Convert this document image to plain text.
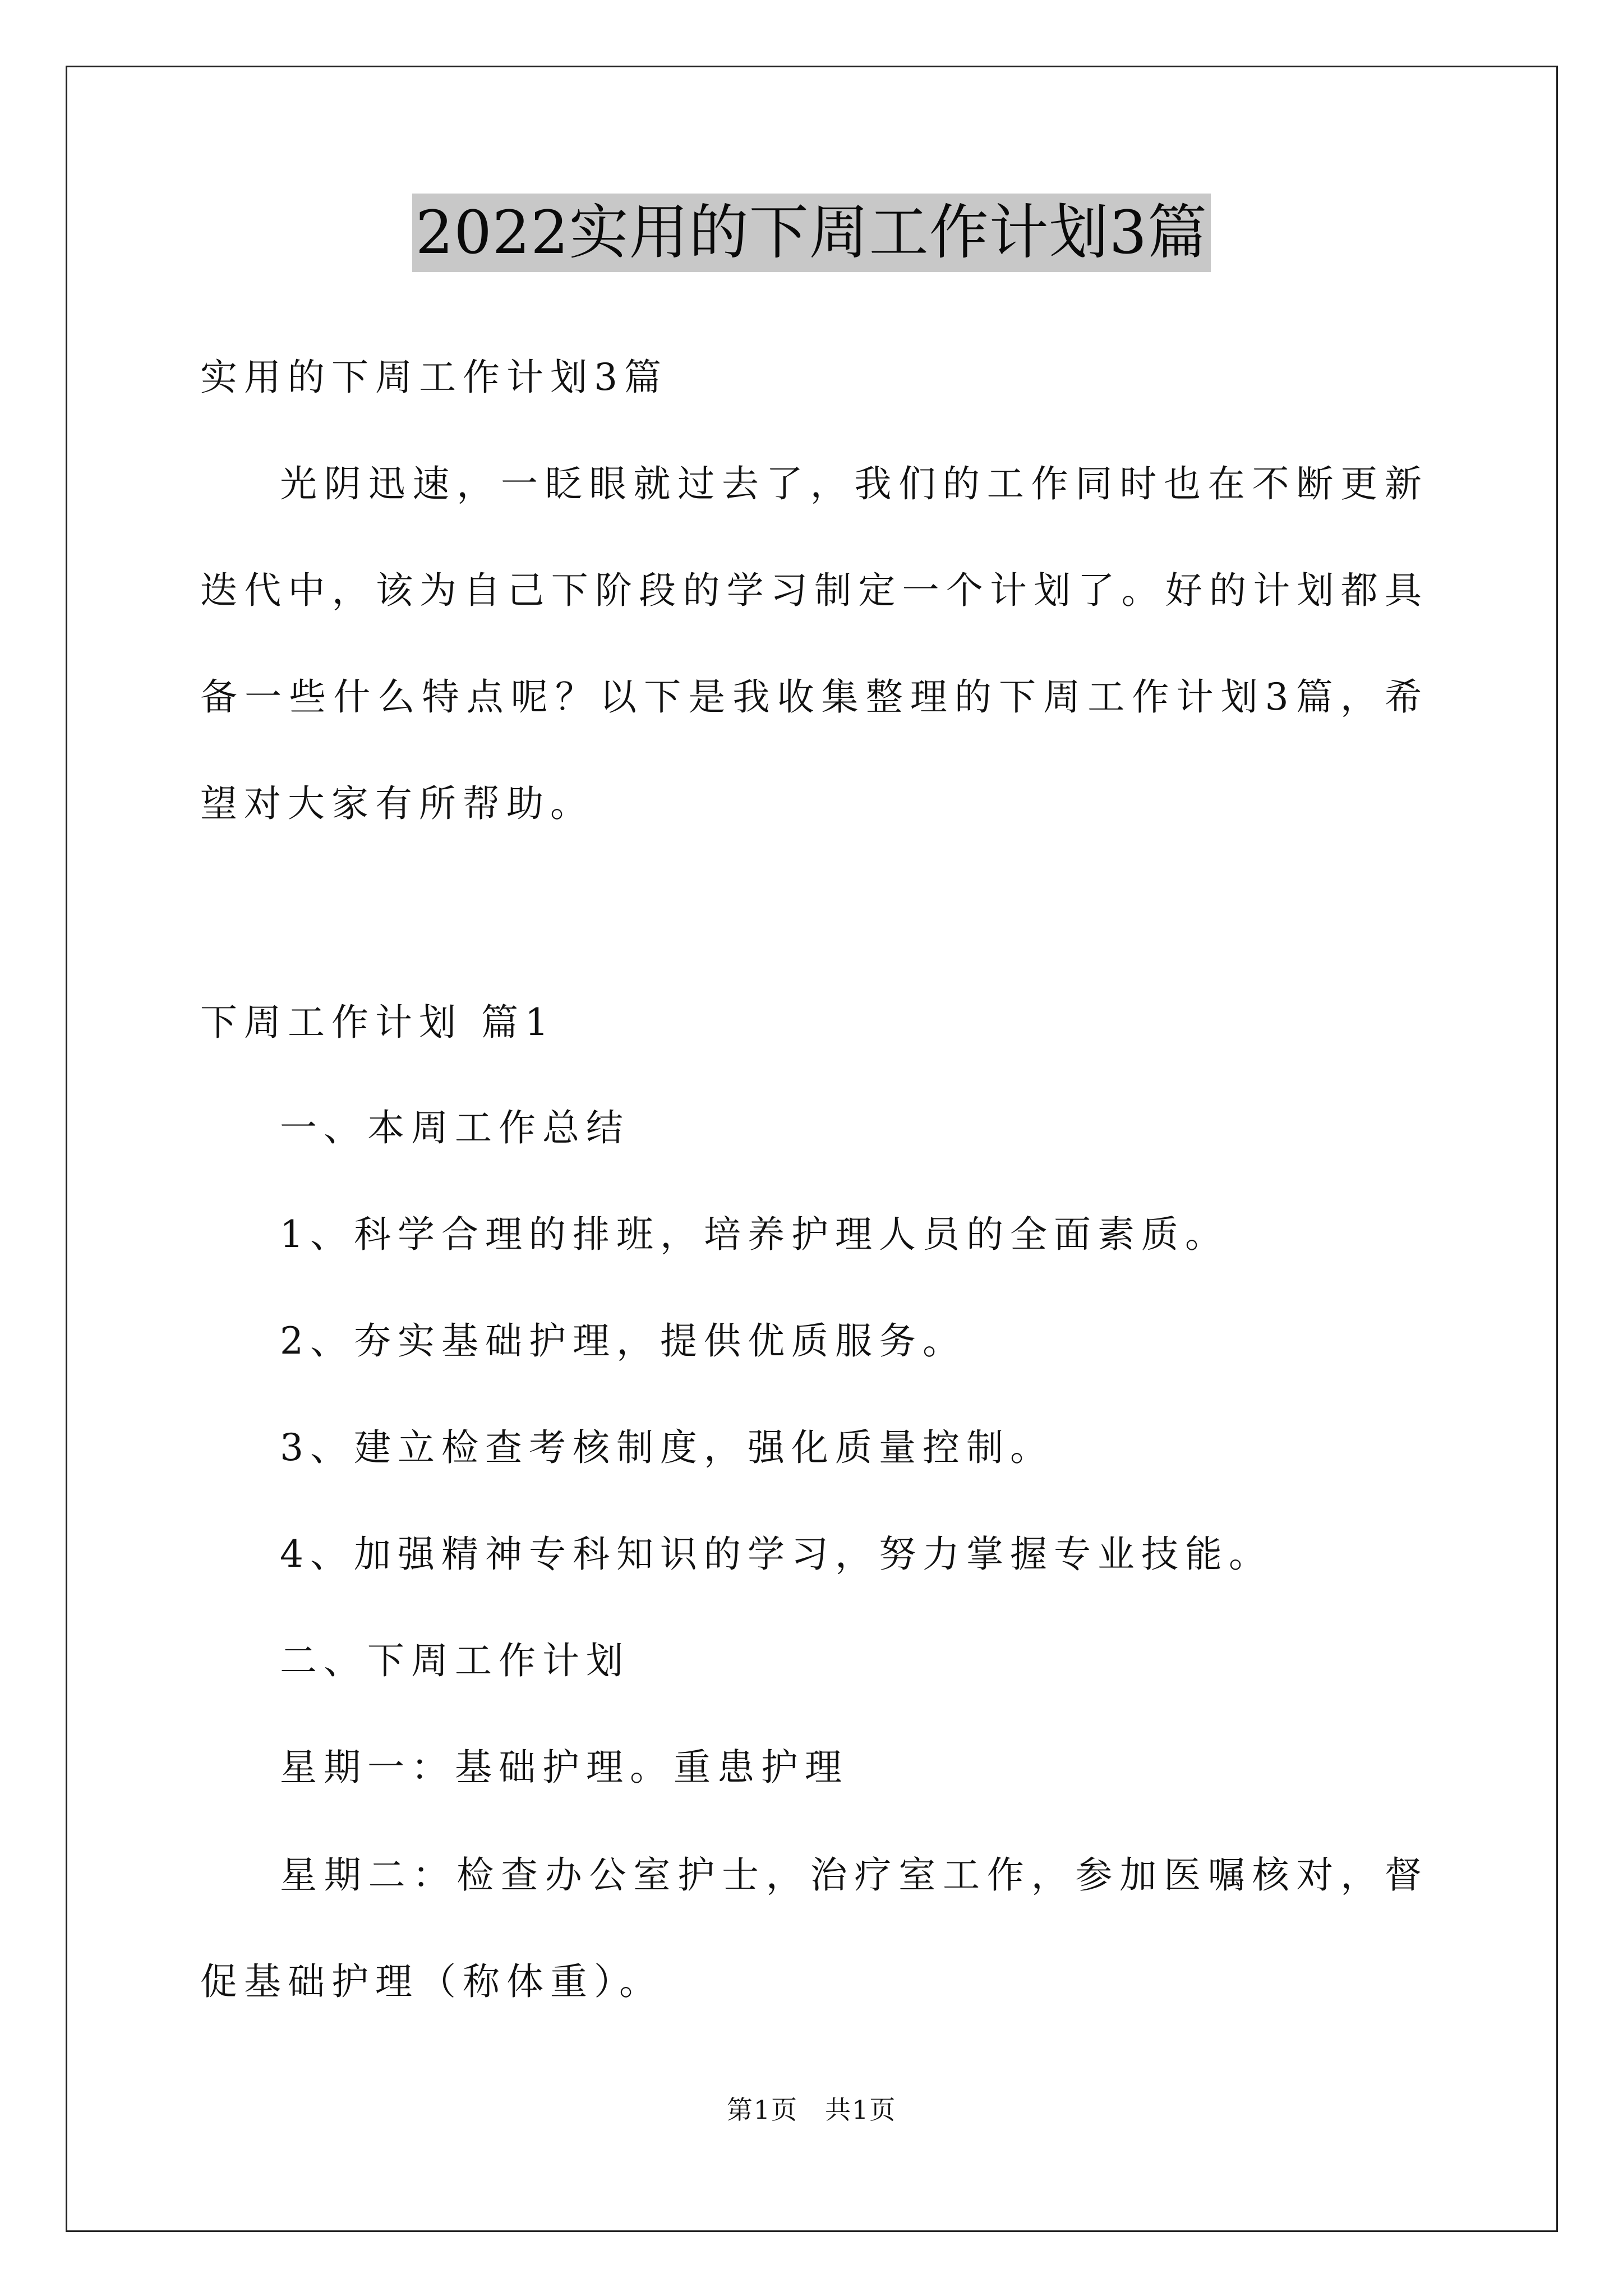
2022实用的下周工作计划3篇
实用的下周工作计划3篇

光阴迅速，一眨眼就过去了，我们的工作同时也在不断更新迭代中，该为自己下阶段的学习制定一个计划了。好的计划都具备一些什么特点呢？以下是我收集整理的下周工作计划3篇，希望对大家有所帮助。

下周工作计划 篇1
一、本周工作总结
1、科学合理的排班，培养护理人员的全面素质。
2、夯实基础护理，提供优质服务。
3、建立检查考核制度，强化质量控制。
4、加强精神专科知识的学习，努力掌握专业技能。
二、下周工作计划
星期一：基础护理。重患护理

星期二：检查办公室护士，治疗室工作，参加医嘱核对，督促基础护理（称体重）。

第1页　共1页
